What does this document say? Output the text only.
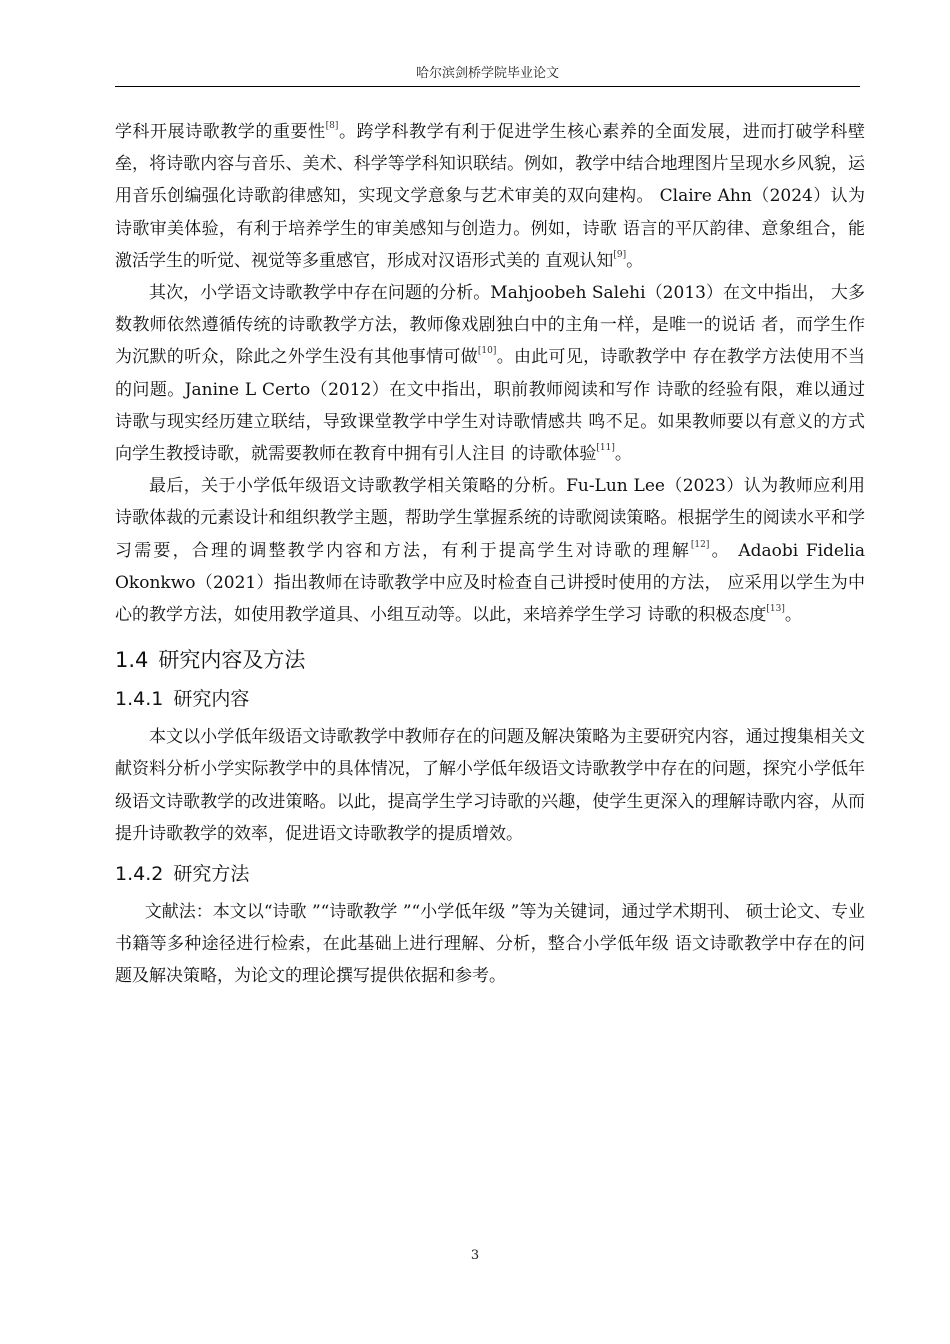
哈尔滨剑桥学院毕业论文

学科开展诗歌教学的重要性[8]。跨学科教学有利于促进学生核心素养的全面发展，进而打破学科壁垒，将诗歌内容与音乐、美术、科学等学科知识联结。例如，教学中结合地理图片呈现水乡风貌，运用音乐创编强化诗歌韵律感知，实现文学意象与艺术审美的双向建构。 Claire Ahn（2024）认为诗歌审美体验，有利于培养学生的审美感知与创造力。例如，诗歌 语言的平仄韵律、意象组合，能激活学生的听觉、视觉等多重感官，形成对汉语形式美的 直观认知[9]。

其次，小学语文诗歌教学中存在问题的分析。Mahjoobeh Salehi（2013）在文中指出， 大多数教师依然遵循传统的诗歌教学方法，教师像戏剧独白中的主角一样，是唯一的说话 者，而学生作为沉默的听众，除此之外学生没有其他事情可做[10]。由此可见，诗歌教学中 存在教学方法使用不当的问题。Janine L Certo（2012）在文中指出，职前教师阅读和写作 诗歌的经验有限，难以通过诗歌与现实经历建立联结，导致课堂教学中学生对诗歌情感共 鸣不足。如果教师要以有意义的方式向学生教授诗歌，就需要教师在教育中拥有引人注目 的诗歌体验[11]。

最后，关于小学低年级语文诗歌教学相关策略的分析。Fu-Lun Lee（2023）认为教师应利用诗歌体裁的元素设计和组织教学主题，帮助学生掌握系统的诗歌阅读策略。根据学生的阅读水平和学习需要，合理的调整教学内容和方法，有利于提高学生对诗歌的理解[12]。 Adaobi Fidelia Okonkwo（2021）指出教师在诗歌教学中应及时检查自己讲授时使用的方法， 应采用以学生为中心的教学方法，如使用教学道具、小组互动等。以此，来培养学生学习 诗歌的积极态度[13]。

1.4 研究内容及方法
1.4.1 研究内容

本文以小学低年级语文诗歌教学中教师存在的问题及解决策略为主要研究内容，通过搜集相关文献资料分析小学实际教学中的具体情况，了解小学低年级语文诗歌教学中存在的问题，探究小学低年级语文诗歌教学的改进策略。以此，提高学生学习诗歌的兴趣，使学生更深入的理解诗歌内容，从而提升诗歌教学的效率，促进语文诗歌教学的提质增效。

1.4.2 研究方法

文献法：本文以“诗歌 ”“诗歌教学 ”“小学低年级 ”等为关键词，通过学术期刊、 硕士论文、专业书籍等多种途径进行检索，在此基础上进行理解、分析，整合小学低年级 语文诗歌教学中存在的问题及解决策略，为论文的理论撰写提供依据和参考。

3
